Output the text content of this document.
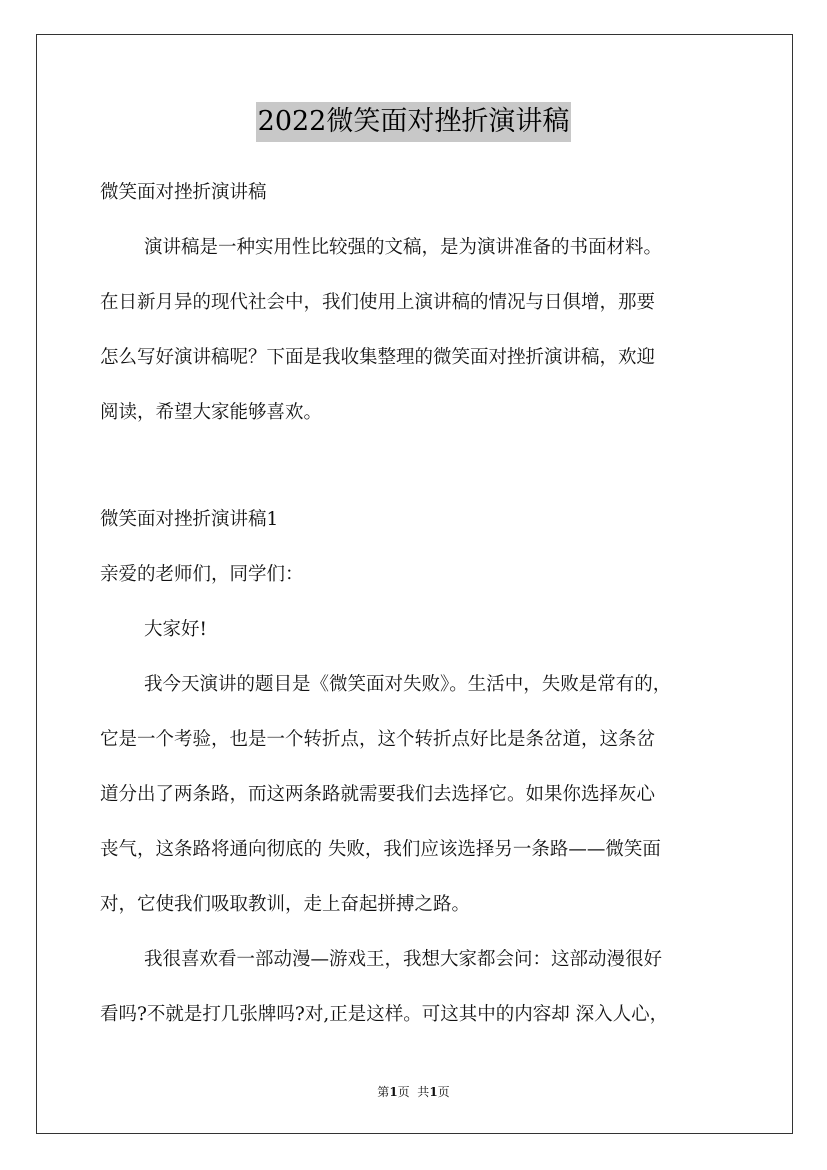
2022微笑面对挫折演讲稿

微笑面对挫折演讲稿

演讲稿是一种实用性比较强的文稿，是为演讲准备的书面材料。

在日新月异的现代社会中，我们使用上演讲稿的情况与日俱增，那要

怎么写好演讲稿呢？下面是我收集整理的微笑面对挫折演讲稿，欢迎

阅读，希望大家能够喜欢。

微笑面对挫折演讲稿1

亲爱的老师们，同学们：

大家好!

我今天演讲的题目是《微笑面对失败》。生活中，失败是常有的，

它是一个考验，也是一个转折点，这个转折点好比是条岔道，这条岔

道分出了两条路，而这两条路就需要我们去选择它。如果你选择灰心

丧气，这条路将通向彻底的 失败，我们应该选择另一条路——微笑面

对，它使我们吸取教训，走上奋起拼搏之路。

我很喜欢看一部动漫—游戏王，我想大家都会问：这部动漫很好

看吗?不就是打几张牌吗?对,正是这样。可这其中的内容却 深入人心，

第1页  共1页
